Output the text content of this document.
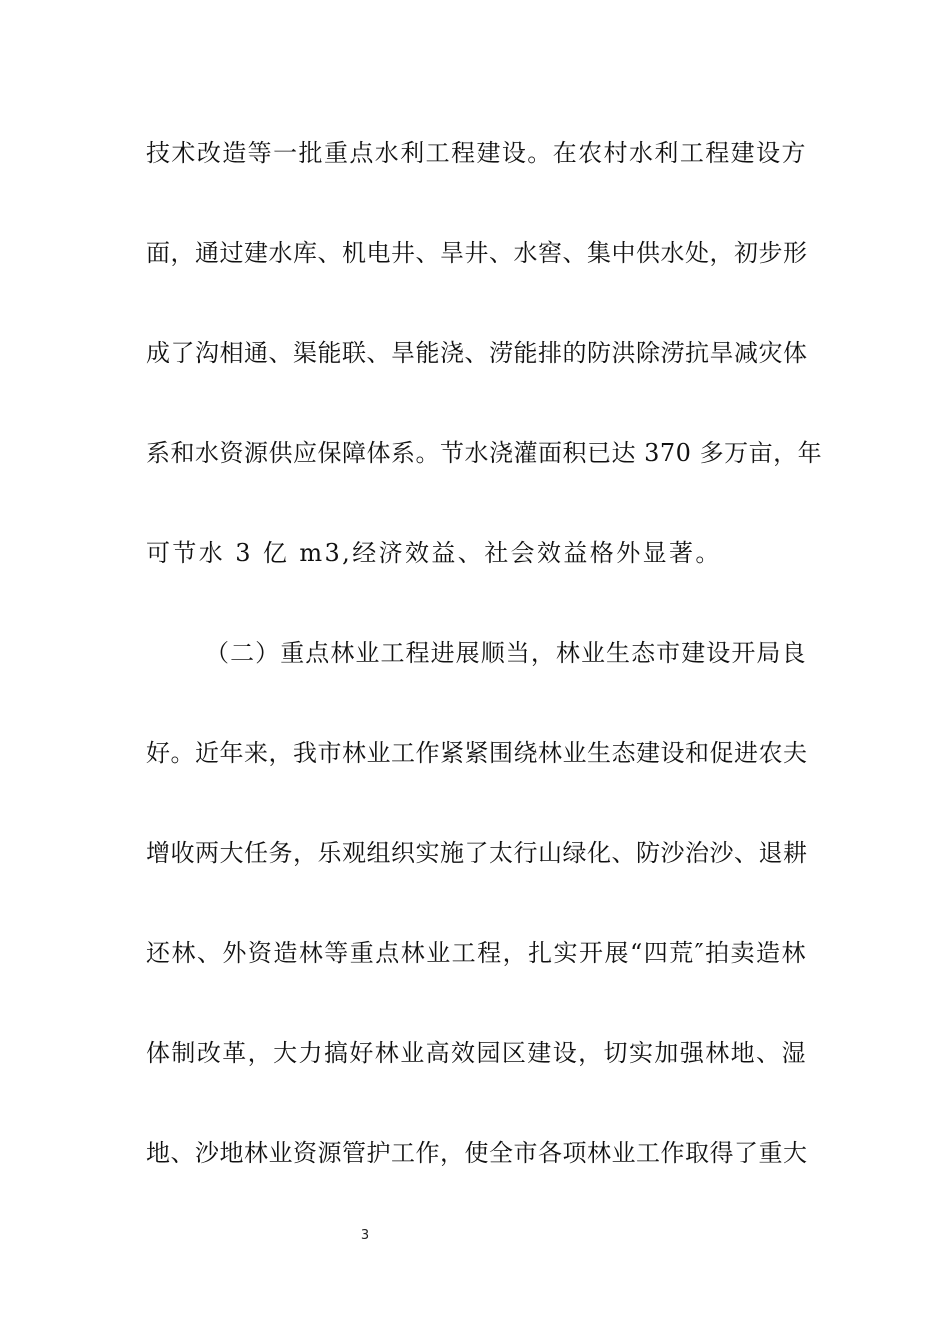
技术改造等一批重点水利工程建设。在农村水利工程建设方
面，通过建水库、机电井、旱井、水窖、集中供水处，初步形
成了沟相通、渠能联、旱能浇、涝能排的防洪除涝抗旱减灾体
系和水资源供应保障体系。节水浇灌面积已达 370 多万亩，年
可节水 3 亿 m3,经济效益、社会效益格外显著。
（二）重点林业工程进展顺当，林业生态市建设开局良
好。近年来，我市林业工作紧紧围绕林业生态建设和促进农夫
增收两大任务，乐观组织实施了太行山绿化、防沙治沙、退耕
还林、外资造林等重点林业工程，扎实开展“四荒″拍卖造林
体制改革，大力搞好林业高效园区建设，切实加强林地、湿
地、沙地林业资源管护工作，使全市各项林业工作取得了重大
3
